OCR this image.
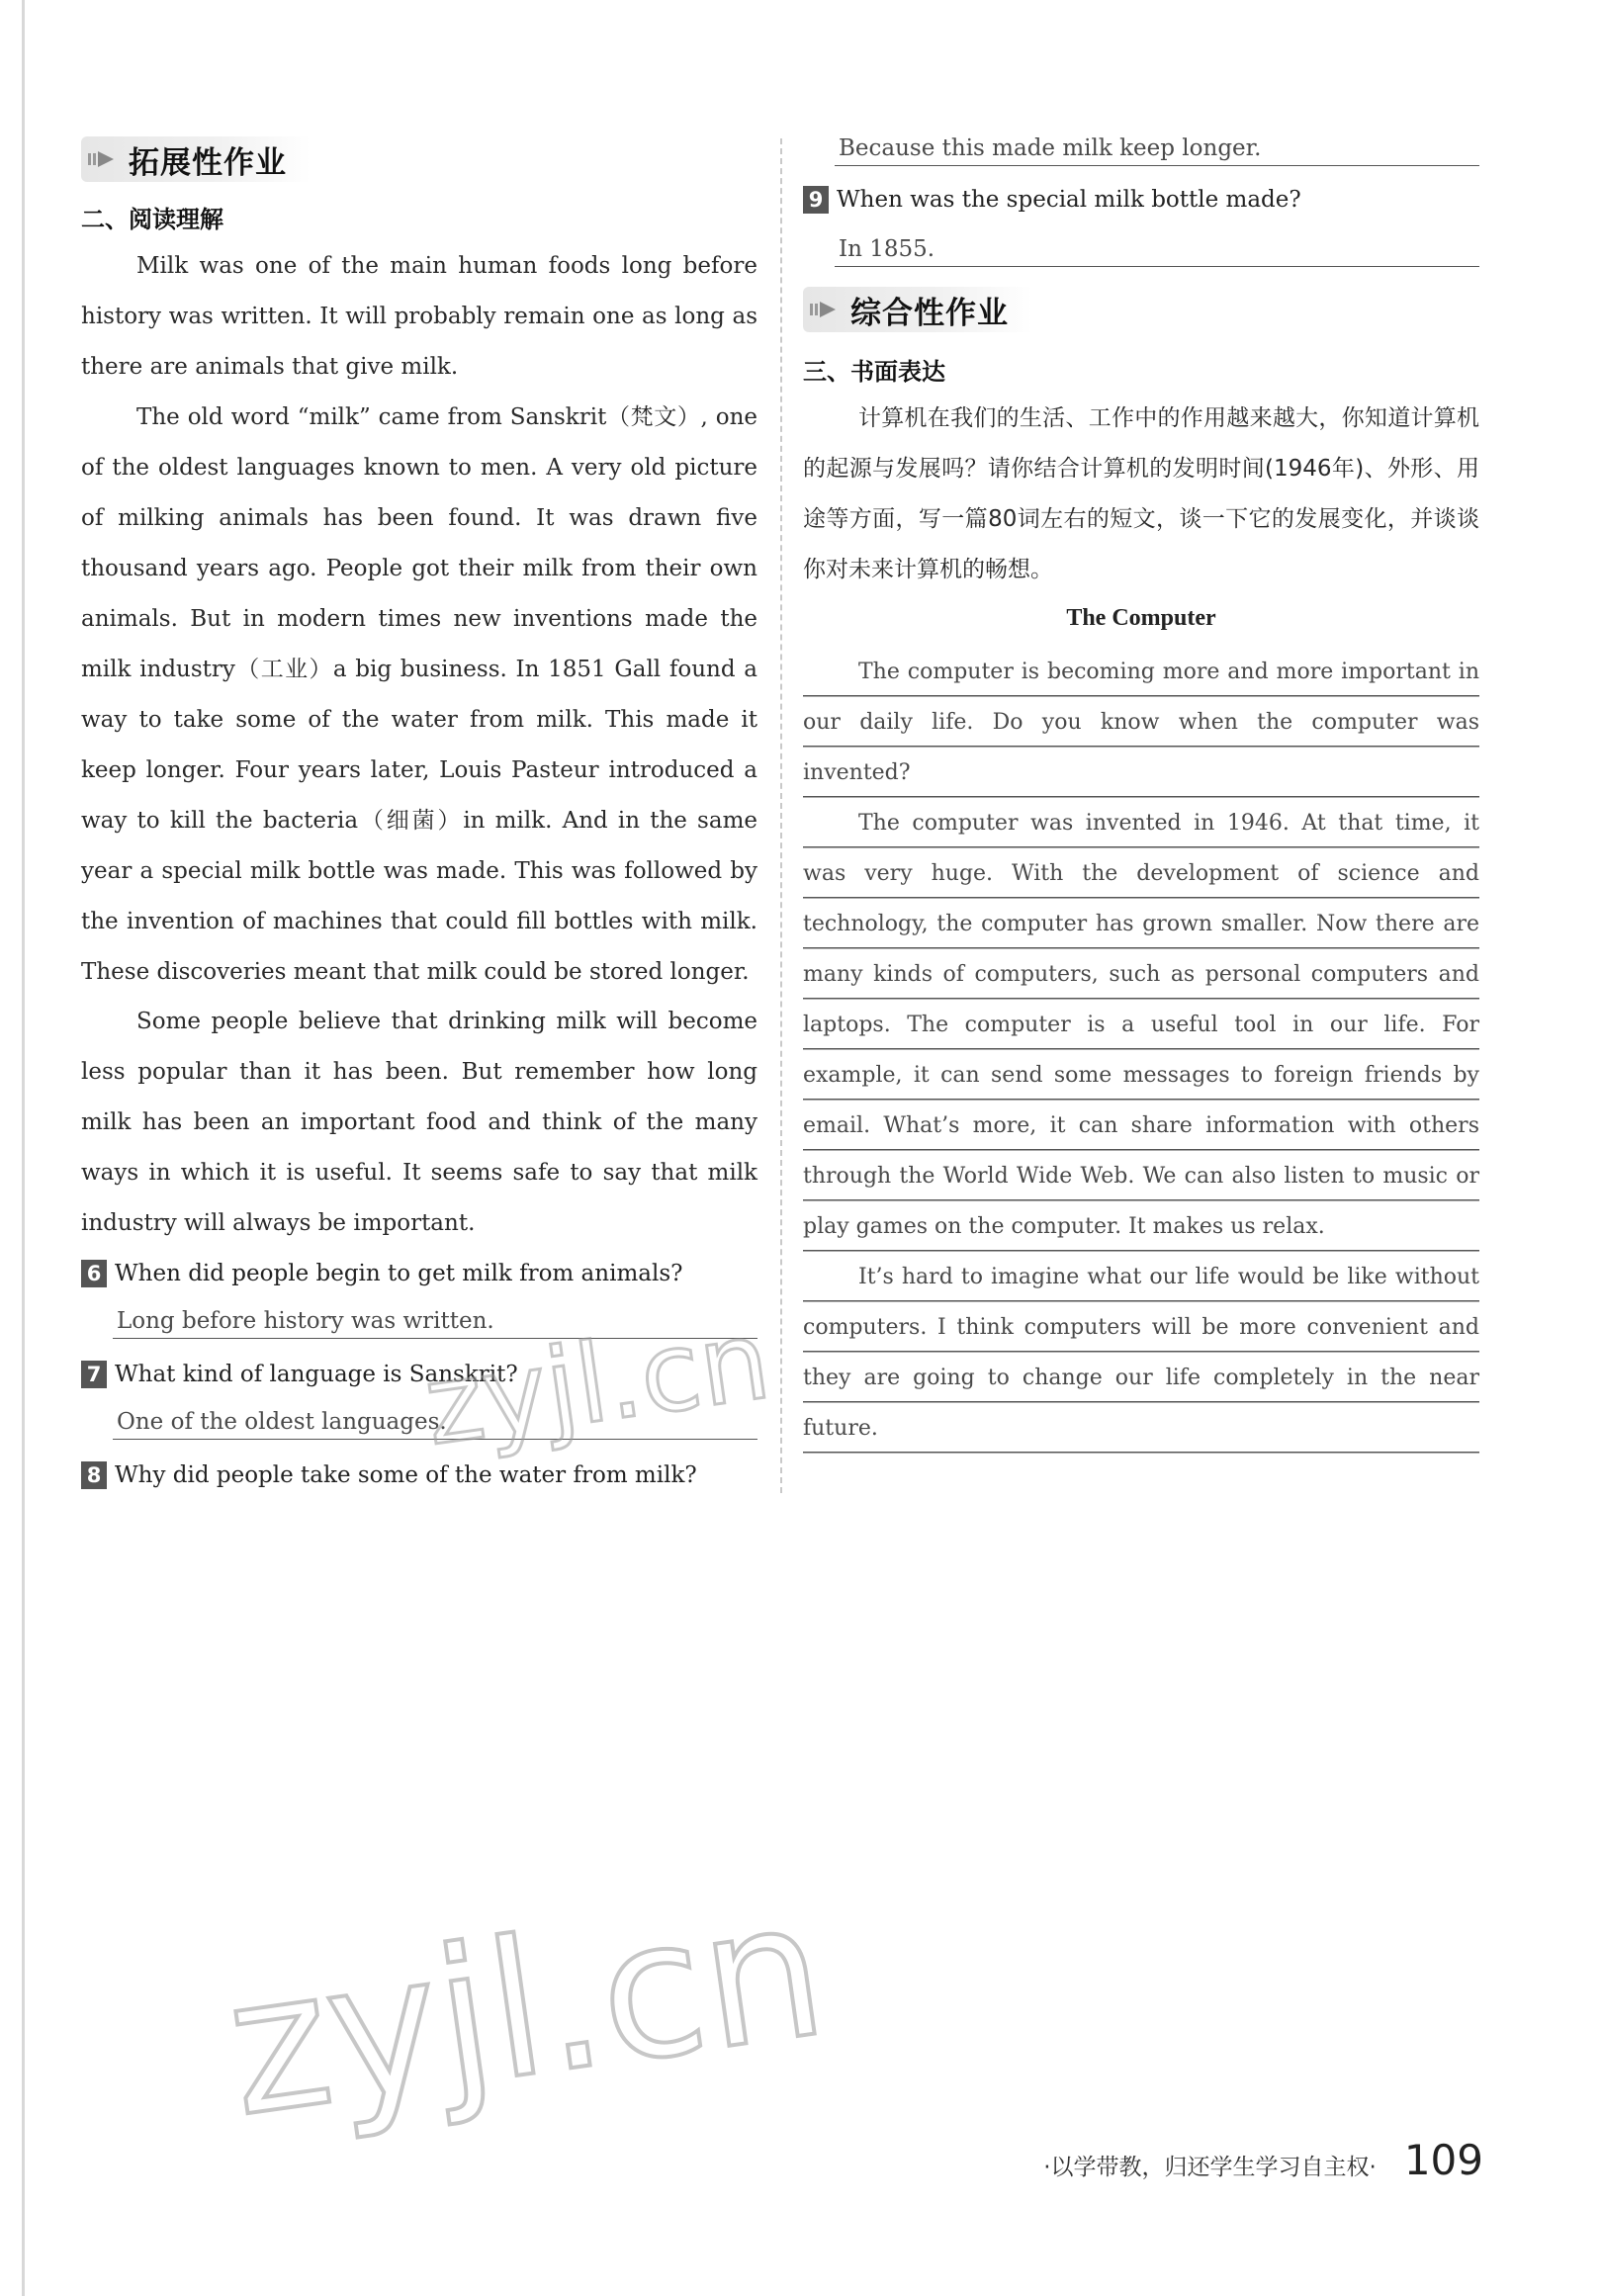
拓展性作业
二、阅读理解
Milk was one of the main human foods long before history was written. It will probably remain one as long as there are animals that give milk.
The old word “milk” came from Sanskrit（梵文）, one of the oldest languages known to men. A very old picture of milking animals has been found. It was drawn five thousand years ago. People got their milk from their own animals. But in modern times new inventions made the milk industry（工业）a big business. In 1851 Gall found a way to take some of the water from milk. This made it keep longer. Four years later, Louis Pasteur introduced a way to kill the bacteria（细菌）in milk. And in the same year a special milk bottle was made. This was followed by the invention of machines that could fill bottles with milk. These discoveries meant that milk could be stored longer.
Some people believe that drinking milk will become less popular than it has been. But remember how long milk has been an important food and think of the many ways in which it is useful. It seems safe to say that milk industry will always be important.
6 When did people begin to get milk from animals?
Long before history was written.
7 What kind of language is Sanskrit?
One of the oldest languages.
8 Why did people take some of the water from milk?
Because this made milk keep longer.
9 When was the special milk bottle made?
In 1855.
综合性作业
三、书面表达
计算机在我们的生活、工作中的作用越来越大，你知道计算机的起源与发展吗？请你结合计算机的发明时间(1946年)、外形、用途等方面，写一篇80词左右的短文，谈一下它的发展变化，并谈谈你对未来计算机的畅想。
The Computer

The computer is becoming more and more important in our daily life. Do you know when the computer was invented?

The computer was invented in 1946. At that time, it was very huge. With the development of science and technology, the computer has grown smaller. Now there are many kinds of computers, such as personal computers and laptops. The computer is a useful tool in our life. For example, it can send some messages to foreign friends by email. What’s more, it can share information with others through the World Wide Web. We can also listen to music or play games on the computer. It makes us relax.

It’s hard to imagine what our life would be like without computers. I think computers will be more convenient and they are going to change our life completely in the near future.

zyjl.cn
zyjl.cn
·以学带教，归还学生学习自主权· 109
